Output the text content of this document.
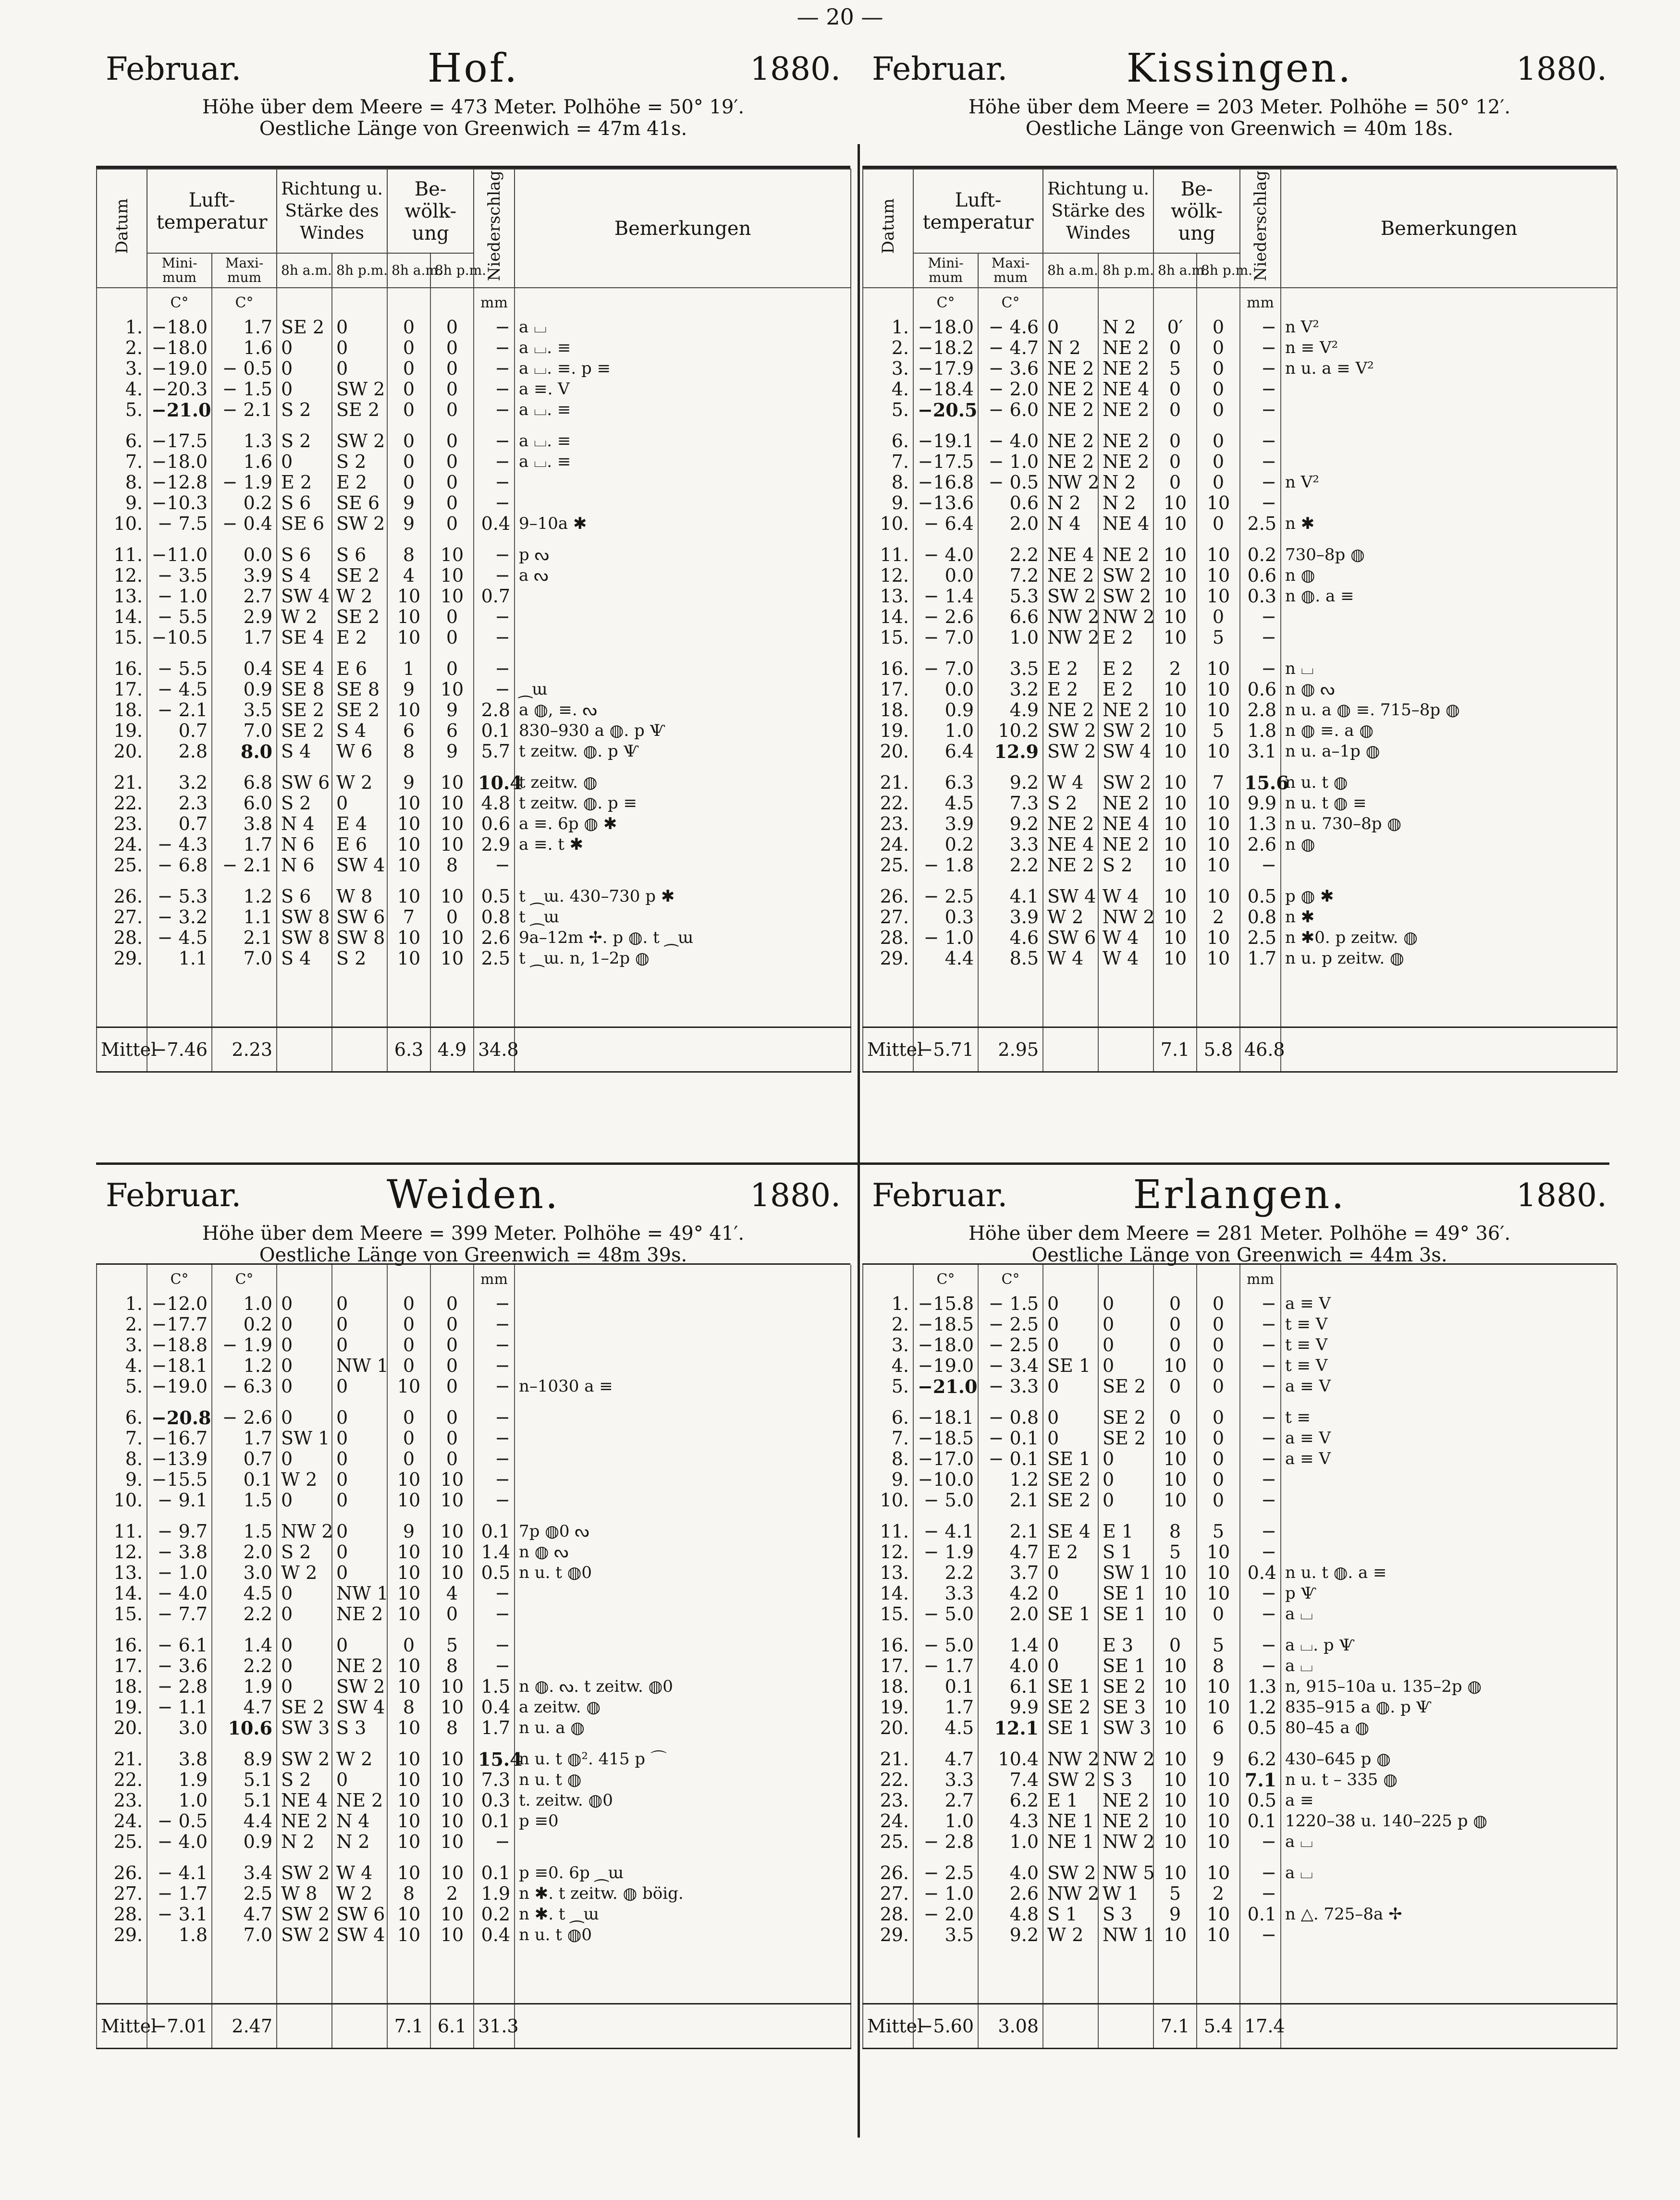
— 20 —
Februar.	Hof.	1880.
Höhe über dem Meere = 473 Meter. Polhöhe = 50° 19′.
Oestliche Länge von Greenwich = 47m 41s.
Datum	Luft-temperatur		Richtung u. Stärke des Windes		Be-wölk-ung		Niederschlag	Bemerkungen
	Mini-mum	Maxi-mum	8h a.m.	8h p.m.	8h a.m.	8h p.m.		
	C°	C°					mm	
1.	−18.0	1.7	SE 2	0	0	0	−	a ⌴
2.	−18.0	1.6	0	0	0	0	−	a ⌴. ≡
3.	−19.0	− 0.5	0	0	0	0	−	a ⌴. ≡. p ≡
4.	−20.3	− 1.5	0	SW 2	0	0	−	a ≡. V
5.	−21.0	− 2.1	S 2	SE 2	0	0	−	a ⌴. ≡

6.	−17.5	1.3	S 2	SW 2	0	0	−	a ⌴. ≡
7.	−18.0	1.6	0	S 2	0	0	−	a ⌴. ≡
8.	−12.8	− 1.9	E 2	E 2	0	0	−	
9.	−10.3	0.2	S 6	SE 6	9	0	−	
10.	− 7.5	− 0.4	SE 6	SW 2	9	0	0.4	9–10a ✱

11.	−11.0	0.0	S 6	S 6	8	10	−	p ᔓ
12.	− 3.5	3.9	S 4	SE 2	4	10	−	a ᔓ
13.	− 1.0	2.7	SW 4	W 2	10	10	0.7	
14.	− 5.5	2.9	W 2	SE 2	10	0	−	
15.	−10.5	1.7	SE 4	E 2	10	0	−	

16.	− 5.5	0.4	SE 4	E 6	1	0	−	
17.	− 4.5	0.9	SE 8	SE 8	9	10	−	⁔ɯ
18.	− 2.1	3.5	SE 2	SE 2	10	9	2.8	a ◍, ≡. ᔓ
19.	0.7	7.0	SE 2	S 4	6	6	0.1	830–930 a ◍. p Ѱ
20.	2.8	8.0	S 4	W 6	8	9	5.7	t zeitw. ◍. p Ѱ

21.	3.2	6.8	SW 6	W 2	9	10	10.4	t zeitw. ◍
22.	2.3	6.0	S 2	0	10	10	4.8	t zeitw. ◍. p ≡
23.	0.7	3.8	N 4	E 4	10	10	0.6	a ≡. 6p ◍ ✱
24.	− 4.3	1.7	N 6	E 6	10	10	2.9	a ≡. t ✱
25.	− 6.8	− 2.1	N 6	SW 4	10	8	−	

26.	− 5.3	1.2	S 6	W 8	10	10	0.5	t ⁔ɯ. 430–730 p ✱
27.	− 3.2	1.1	SW 8	SW 6	7	0	0.8	t ⁔ɯ
28.	− 4.5	2.1	SW 8	SW 8	10	10	2.6	9a–12m ✢. p ◍. t ⁔ɯ
29.	1.1	7.0	S 4	S 2	10	10	2.5	t ⁔ɯ. n, 1–2p ◍

Mittel	−7.46	2.23			6.3	4.9	34.8	
Februar.	Kissingen.	1880.
Höhe über dem Meere = 203 Meter. Polhöhe = 50° 12′.
Oestliche Länge von Greenwich = 40m 18s.
Datum	Luft-temperatur		Richtung u. Stärke des Windes		Be-wölk-ung		Niederschlag	Bemerkungen
	Mini-mum	Maxi-mum	8h a.m.	8h p.m.	8h a.m.	8h p.m.		
	C°	C°					mm	
1.	−18.0	− 4.6	0	N 2	0′	0	−	n V²
2.	−18.2	− 4.7	N 2	NE 2	0	0	−	n ≡ V²
3.	−17.9	− 3.6	NE 2	NE 2	5	0	−	n u. a ≡ V²
4.	−18.4	− 2.0	NE 2	NE 4	0	0	−	
5.	−20.5	− 6.0	NE 2	NE 2	0	0	−	

6.	−19.1	− 4.0	NE 2	NE 2	0	0	−	
7.	−17.5	− 1.0	NE 2	NE 2	0	0	−	
8.	−16.8	− 0.5	NW 2	N 2	0	0	−	n V²
9.	−13.6	0.6	N 2	N 2	10	10	−	
10.	− 6.4	2.0	N 4	NE 4	10	0	2.5	n ✱

11.	− 4.0	2.2	NE 4	NE 2	10	10	0.2	730–8p ◍
12.	0.0	7.2	NE 2	SW 2	10	10	0.6	n ◍
13.	− 1.4	5.3	SW 2	SW 2	10	10	0.3	n ◍. a ≡
14.	− 2.6	6.6	NW 2	NW 2	10	0	−	
15.	− 7.0	1.0	NW 2	E 2	10	5	−	

16.	− 7.0	3.5	E 2	E 2	2	10	−	n ⌴
17.	0.0	3.2	E 2	E 2	10	10	0.6	n ◍ ᔓ
18.	0.9	4.9	NE 2	NE 2	10	10	2.8	n u. a ◍ ≡. 715–8p ◍
19.	1.0	10.2	SW 2	SW 2	10	5	1.8	n ◍ ≡. a ◍
20.	6.4	12.9	SW 2	SW 4	10	10	3.1	n u. a–1p ◍

21.	6.3	9.2	W 4	SW 2	10	7	15.6	n u. t ◍
22.	4.5	7.3	S 2	NE 2	10	10	9.9	n u. t ◍ ≡
23.	3.9	9.2	NE 2	NE 4	10	10	1.3	n u. 730–8p ◍
24.	0.2	3.3	NE 4	NE 2	10	10	2.6	n ◍
25.	− 1.8	2.2	NE 2	S 2	10	10	−	

26.	− 2.5	4.1	SW 4	W 4	10	10	0.5	p ◍ ✱
27.	0.3	3.9	W 2	NW 2	10	2	0.8	n ✱
28.	− 1.0	4.6	SW 6	W 4	10	10	2.5	n ✱0. p zeitw. ◍
29.	4.4	8.5	W 4	W 4	10	10	1.7	n u. p zeitw. ◍

Mittel	−5.71	2.95			7.1	5.8	46.8	
Februar.	Weiden.	1880.
Höhe über dem Meere = 399 Meter. Polhöhe = 49° 41′.
Oestliche Länge von Greenwich = 48m 39s.
	C°	C°					mm	
1.	−12.0	1.0	0	0	0	0	−	
2.	−17.7	0.2	0	0	0	0	−	
3.	−18.8	− 1.9	0	0	0	0	−	
4.	−18.1	1.2	0	NW 1	0	0	−	
5.	−19.0	− 6.3	0	0	10	0	−	n–1030 a ≡

6.	−20.8	− 2.6	0	0	0	0	−	
7.	−16.7	1.7	SW 1	0	0	0	−	
8.	−13.9	0.7	0	0	0	0	−	
9.	−15.5	0.1	W 2	0	10	10	−	
10.	− 9.1	1.5	0	0	10	10	−	

11.	− 9.7	1.5	NW 2	0	9	10	0.1	7p ◍0 ᔓ
12.	− 3.8	2.0	S 2	0	10	10	1.4	n ◍ ᔓ
13.	− 1.0	3.0	W 2	0	10	10	0.5	n u. t ◍0
14.	− 4.0	4.5	0	NW 1	10	4	−	
15.	− 7.7	2.2	0	NE 2	10	0	−	

16.	− 6.1	1.4	0	0	0	5	−	
17.	− 3.6	2.2	0	NE 2	10	8	−	
18.	− 2.8	1.9	0	SW 2	10	10	1.5	n ◍. ᔓ. t zeitw. ◍0
19.	− 1.1	4.7	SE 2	SW 4	8	10	0.4	a zeitw. ◍
20.	3.0	10.6	SW 3	S 3	10	8	1.7	n u. a ◍

21.	3.8	8.9	SW 2	W 2	10	10	15.4	n u. t ◍². 415 p ⌒
22.	1.9	5.1	S 2	0	10	10	7.3	n u. t ◍
23.	1.0	5.1	NE 4	NE 2	10	10	0.3	t. zeitw. ◍0
24.	− 0.5	4.4	NE 2	N 4	10	10	0.1	p ≡0
25.	− 4.0	0.9	N 2	N 2	10	10	−	

26.	− 4.1	3.4	SW 2	W 4	10	10	0.1	p ≡0. 6p ⁔ɯ
27.	− 1.7	2.5	W 8	W 2	8	2	1.9	n ✱. t zeitw. ◍ böig.
28.	− 3.1	4.7	SW 2	SW 6	10	10	0.2	n ✱. t ⁔ɯ
29.	1.8	7.0	SW 2	SW 4	10	10	0.4	n u. t ◍0

Mittel	−7.01	2.47			7.1	6.1	31.3	
Februar.	Erlangen.	1880.
Höhe über dem Meere = 281 Meter. Polhöhe = 49° 36′.
Oestliche Länge von Greenwich = 44m 3s.
	C°	C°					mm	
1.	−15.8	− 1.5	0	0	0	0	−	a ≡ V
2.	−18.5	− 2.5	0	0	0	0	−	t ≡ V
3.	−18.0	− 2.5	0	0	0	0	−	t ≡ V
4.	−19.0	− 3.4	SE 1	0	10	0	−	t ≡ V
5.	−21.0	− 3.3	0	SE 2	0	0	−	a ≡ V

6.	−18.1	− 0.8	0	SE 2	0	0	−	t ≡
7.	−18.5	− 0.1	0	SE 2	10	0	−	a ≡ V
8.	−17.0	− 0.1	SE 1	0	10	0	−	a ≡ V
9.	−10.0	1.2	SE 2	0	10	0	−	
10.	− 5.0	2.1	SE 2	0	10	0	−	

11.	− 4.1	2.1	SE 4	E 1	8	5	−	
12.	− 1.9	4.7	E 2	S 1	5	10	−	
13.	2.2	3.7	0	SW 1	10	10	0.4	n u. t ◍. a ≡
14.	3.3	4.2	0	SE 1	10	10	−	p Ѱ
15.	− 5.0	2.0	SE 1	SE 1	10	0	−	a ⌴

16.	− 5.0	1.4	0	E 3	0	5	−	a ⌴. p Ѱ
17.	− 1.7	4.0	0	SE 1	10	8	−	a ⌴
18.	0.1	6.1	SE 1	SE 2	10	10	1.3	n, 915–10a u. 135–2p ◍
19.	1.7	9.9	SE 2	SE 3	10	10	1.2	835–915 a ◍. p Ѱ
20.	4.5	12.1	SE 1	SW 3	10	6	0.5	80–45 a ◍

21.	4.7	10.4	NW 2	NW 2	10	9	6.2	430–645 p ◍
22.	3.3	7.4	SW 2	S 3	10	10	7.1	n u. t – 335 ◍
23.	2.7	6.2	E 1	NE 2	10	10	0.5	a ≡
24.	1.0	4.3	NE 1	NE 2	10	10	0.1	1220–38 u. 140–225 p ◍
25.	− 2.8	1.0	NE 1	NW 2	10	10	−	a ⌴

26.	− 2.5	4.0	SW 2	NW 5	10	10	−	a ⌴
27.	− 1.0	2.6	NW 2	W 1	5	2	−	
28.	− 2.0	4.8	S 1	S 3	9	10	0.1	n △. 725–8a ✢
29.	3.5	9.2	W 2	NW 1	10	10	−	

Mittel	−5.60	3.08			7.1	5.4	17.4	
